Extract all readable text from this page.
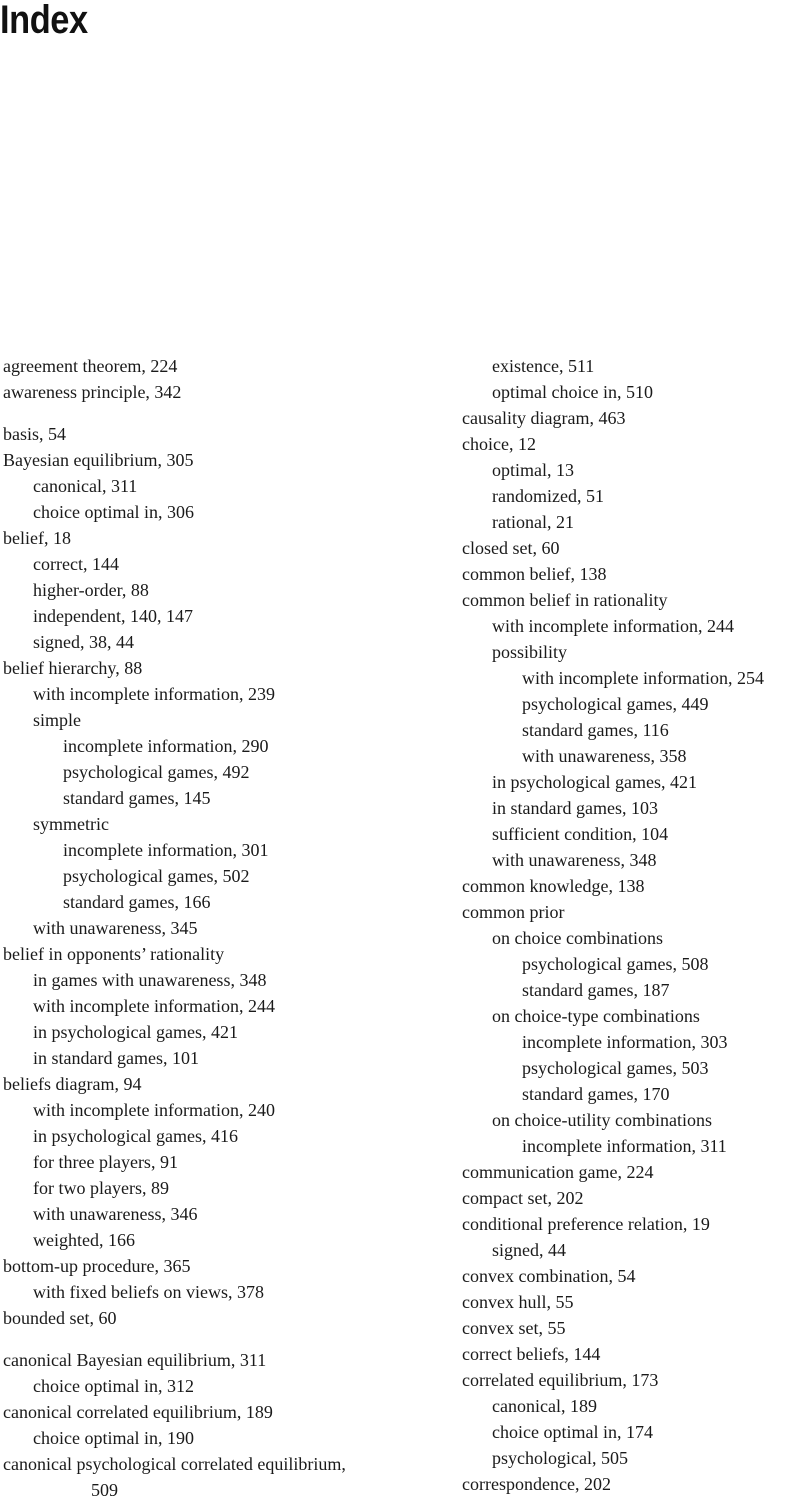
Index
agreement theorem, 224
awareness principle, 342
basis, 54
Bayesian equilibrium, 305
canonical, 311
choice optimal in, 306
belief, 18
correct, 144
higher-order, 88
independent, 140, 147
signed, 38, 44
belief hierarchy, 88
with incomplete information, 239
simple
incomplete information, 290
psychological games, 492
standard games, 145
symmetric
incomplete information, 301
psychological games, 502
standard games, 166
with unawareness, 345
belief in opponents’ rationality
in games with unawareness, 348
with incomplete information, 244
in psychological games, 421
in standard games, 101
beliefs diagram, 94
with incomplete information, 240
in psychological games, 416
for three players, 91
for two players, 89
with unawareness, 346
weighted, 166
bottom-up procedure, 365
with fixed beliefs on views, 378
bounded set, 60
canonical Bayesian equilibrium, 311
choice optimal in, 312
canonical correlated equilibrium, 189
choice optimal in, 190
canonical psychological correlated equilibrium,
509
existence, 511
optimal choice in, 510
causality diagram, 463
choice, 12
optimal, 13
randomized, 51
rational, 21
closed set, 60
common belief, 138
common belief in rationality
with incomplete information, 244
possibility
with incomplete information, 254
psychological games, 449
standard games, 116
with unawareness, 358
in psychological games, 421
in standard games, 103
sufficient condition, 104
with unawareness, 348
common knowledge, 138
common prior
on choice combinations
psychological games, 508
standard games, 187
on choice-type combinations
incomplete information, 303
psychological games, 503
standard games, 170
on choice-utility combinations
incomplete information, 311
communication game, 224
compact set, 202
conditional preference relation, 19
signed, 44
convex combination, 54
convex hull, 55
convex set, 55
correct beliefs, 144
correlated equilibrium, 173
canonical, 189
choice optimal in, 174
psychological, 505
correspondence, 202
